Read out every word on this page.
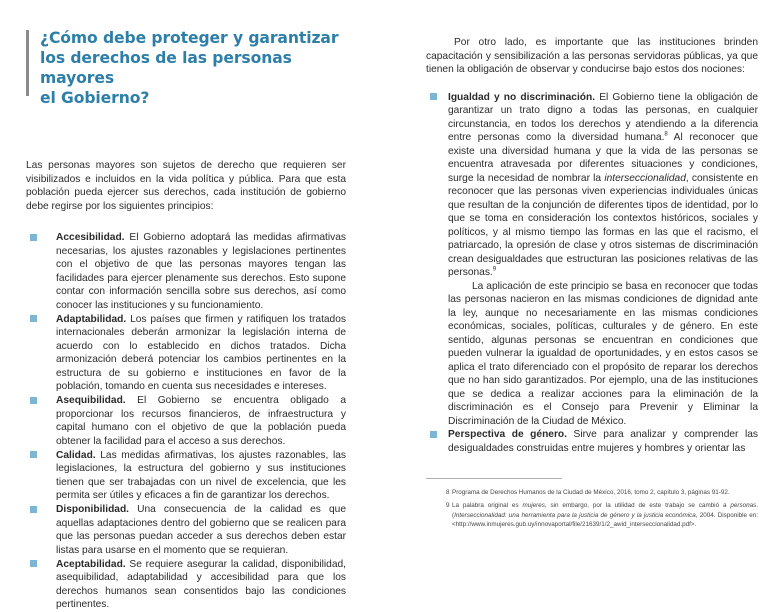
¿Cómo debe proteger y garantizar
los derechos de las personas mayores
el Gobierno?

Las personas mayores son sujetos de derecho que requieren ser visibilizados e incluidos en la vida política y pública. Para que esta población pueda ejercer sus derechos, cada institución de gobierno debe regirse por los siguientes principios:

Accesibilidad. El Gobierno adoptará las medidas afirmativas necesarias, los ajustes razonables y legislaciones pertinentes con el objetivo de que las personas mayores tengan las facilidades para ejercer plenamente sus derechos. Esto supone contar con información sencilla sobre sus derechos, así como conocer las instituciones y su funcionamiento.
Adaptabilidad. Los países que firmen y ratifiquen los tratados internacionales deberán armonizar la legislación interna de acuerdo con lo establecido en dichos tratados. Dicha armonización deberá potenciar los cambios pertinentes en la estructura de su gobierno e instituciones en favor de la población, tomando en cuenta sus necesidades e intereses.
Asequibilidad. El Gobierno se encuentra obligado a proporcionar los recursos financieros, de infraestructura y capital humano con el objetivo de que la población pueda obtener la facilidad para el acceso a sus derechos.
Calidad. Las medidas afirmativas, los ajustes razonables, las legislaciones, la estructura del gobierno y sus instituciones tienen que ser trabajadas con un nivel de excelencia, que les permita ser útiles y eficaces a fin de garantizar los derechos.
Disponibilidad. Una consecuencia de la calidad es que aquellas adaptaciones dentro del gobierno que se realicen para que las personas puedan acceder a sus derechos deben estar listas para usarse en el momento que se requieran.
Aceptabilidad. Se requiere asegurar la calidad, disponibilidad, asequibilidad, adaptabilidad y accesibilidad para que los derechos humanos sean consentidos bajo las condiciones pertinentes.

Por otro lado, es importante que las instituciones brinden capacitación y sensibilización a las personas servidoras públicas, ya que tienen la obligación de observar y conducirse bajo estos dos nociones:

Igualdad y no discriminación. El Gobierno tiene la obligación de garantizar un trato digno a todas las personas, en cualquier circunstancia, en todos los derechos y atendiendo a la diferencia entre personas como la diversidad humana.$^8$ Al reconocer que existe una diversidad humana y que la vida de las personas se encuentra atravesada por diferentes situaciones y condiciones, surge la necesidad de nombrar la interseccionalidad, consistente en reconocer que las personas viven experiencias individuales únicas que resultan de la conjunción de diferentes tipos de identidad, por lo que se toma en consideración los contextos históricos, sociales y políticos, y al mismo tiempo las formas en las que el racismo, el patriarcado, la opresión de clase y otros sistemas de discriminación crean desigualdades que estructuran las posiciones relativas de las personas.$^9$

La aplicación de este principio se basa en reconocer que todas las personas nacieron en las mismas condiciones de dignidad ante la ley, aunque no necesariamente en las mismas condiciones económicas, sociales, políticas, culturales y de género. En este sentido, algunas personas se encuentran en condiciones que pueden vulnerar la igualdad de oportunidades, y en estos casos se aplica el trato diferenciado con el propósito de reparar los derechos que no han sido garantizados. Por ejemplo, una de las instituciones que se dedica a realizar acciones para la eliminación de la discriminación es el Consejo para Prevenir y Eliminar la Discriminación de la Ciudad de México.

Perspectiva de género. Sirve para analizar y comprender las desigualdades construidas entre mujeres y hombres y orientar las
8 Programa de Derechos Humanos de la Ciudad de México, 2016, tomo 2, capítulo 3, páginas 91-92.
9 La palabra original es mujeres, sin embargo, por la utilidad de este trabajo se cambió a personas. (Interseccionalidad: una herramienta para la justicia de género y la justicia económica, 2004. Disponible en: <http://www.inmujeres.gub.uy/innovaportal/file/21639/1/2_awid_interseccionalidad.pdf>.
